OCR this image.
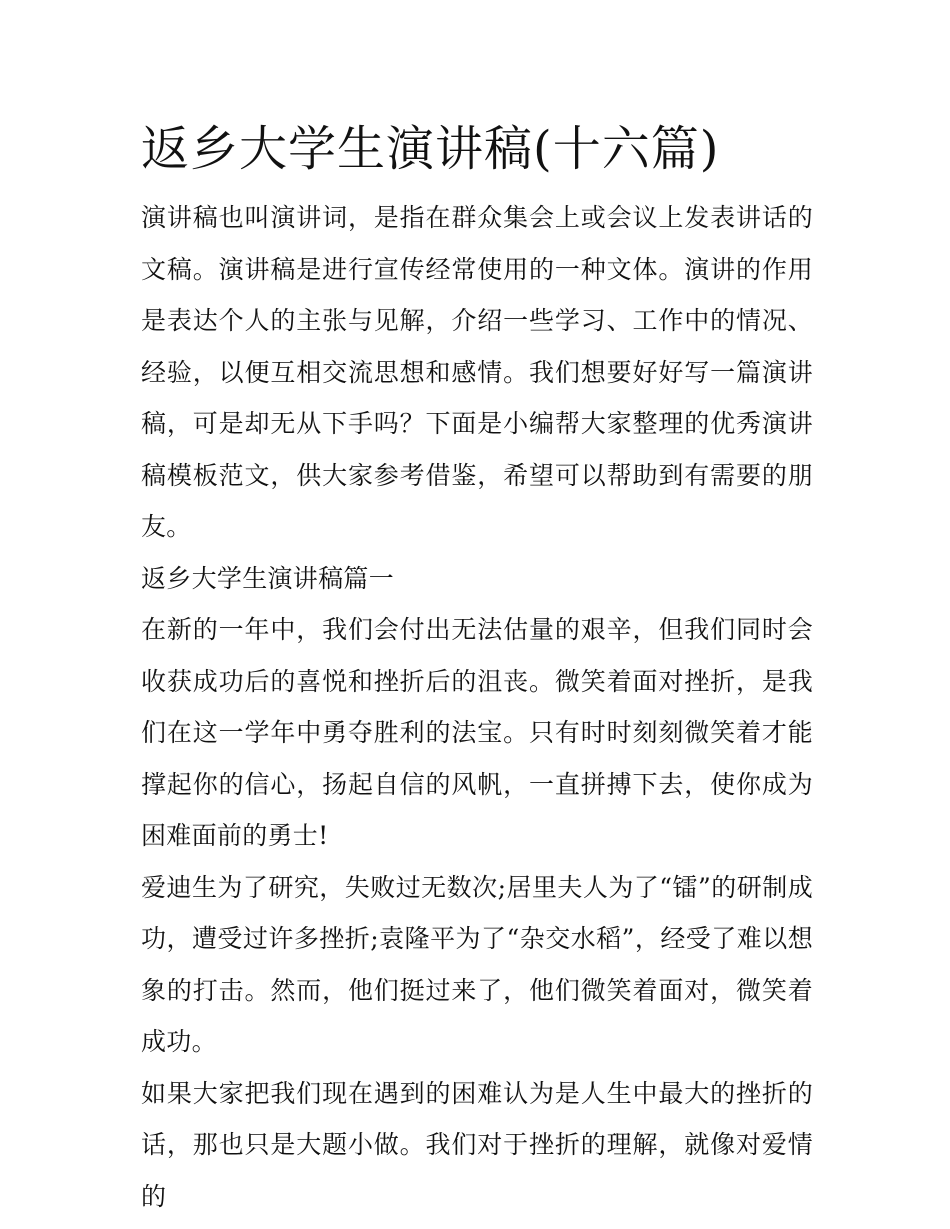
返乡大学生演讲稿(十六篇)

演讲稿也叫演讲词，是指在群众集会上或会议上发表讲话的文稿。演讲稿是进行宣传经常使用的一种文体。演讲的作用是表达个人的主张与见解，介绍一些学习、工作中的情况、经验，以便互相交流思想和感情。我们想要好好写一篇演讲稿，可是却无从下手吗？下面是小编帮大家整理的优秀演讲稿模板范文，供大家参考借鉴，希望可以帮助到有需要的朋友。

返乡大学生演讲稿篇一

在新的一年中，我们会付出无法估量的艰辛，但我们同时会收获成功后的喜悦和挫折后的沮丧。微笑着面对挫折，是我们在这一学年中勇夺胜利的法宝。只有时时刻刻微笑着才能撑起你的信心，扬起自信的风帆，一直拼搏下去，使你成为困难面前的勇士!

爱迪生为了研究，失败过无数次;居里夫人为了“镭”的研制成功，遭受过许多挫折;袁隆平为了“杂交水稻”，经受了难以想象的打击。然而，他们挺过来了，他们微笑着面对，微笑着成功。

如果大家把我们现在遇到的困难认为是人生中最大的挫折的话，那也只是大题小做。我们对于挫折的理解，就像对爱情的
